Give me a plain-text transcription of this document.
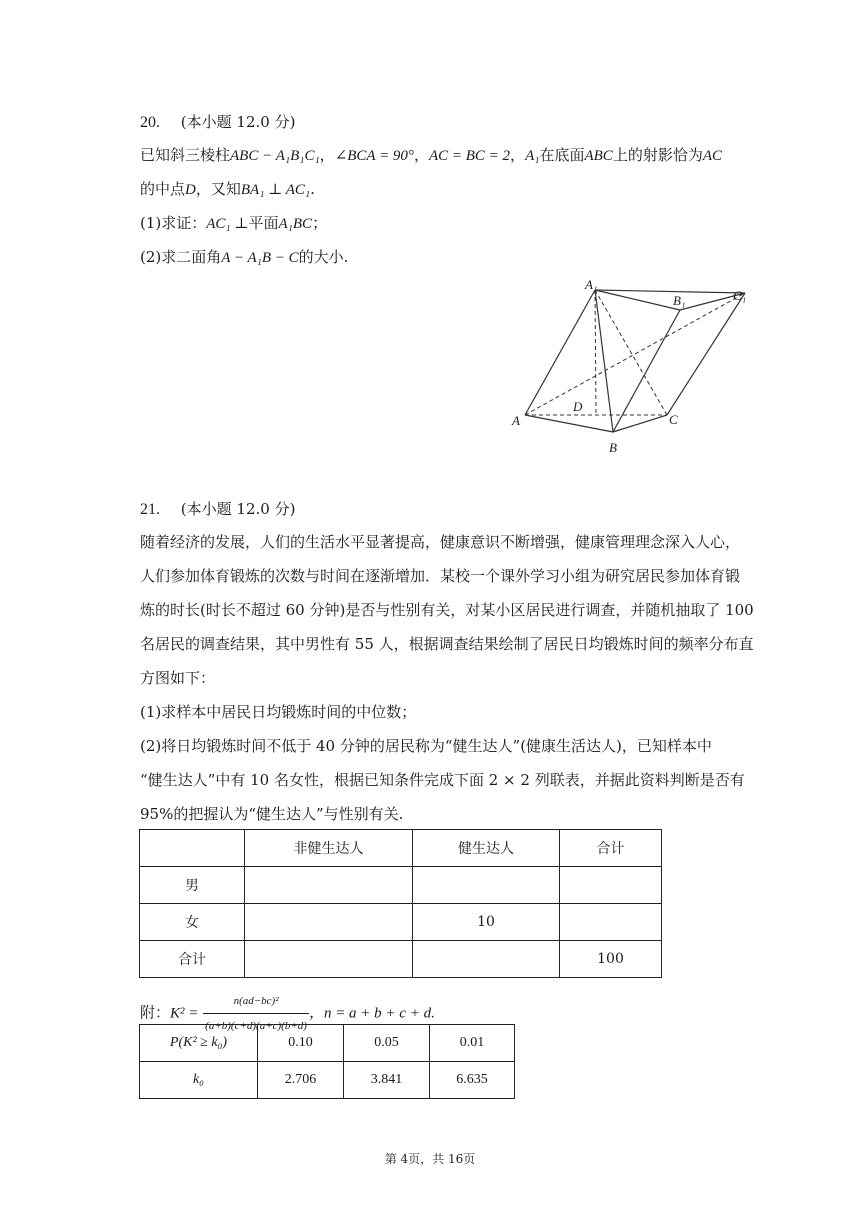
20. (本小题 12.0 分)
已知斜三棱柱ABC − A₁B₁C₁，∠BCA = 90°，AC = BC = 2，A₁在底面ABC上的射影恰为AC
的中点D，又知BA₁ ⊥ AC₁.
(1)求证：AC₁ ⊥平面A₁BC；
(2)求二面角A − A₁B − C的大小.
A₁
B₁	C₁
A
B
C
D
21. (本小题 12.0 分)
随着经济的发展，人们的生活水平显著提高，健康意识不断增强，健康管理理念深入人心，
人们参加体育锻炼的次数与时间在逐渐增加．某校一个课外学习小组为研究居民参加体育锻
炼的时长(时长不超过 60 分钟)是否与性别有关，对某小区居民进行调查，并随机抽取了 100
名居民的调查结果，其中男性有 55 人，根据调查结果绘制了居民日均锻炼时间的频率分布直
方图如下：
(1)求样本中居民日均锻炼时间的中位数；
(2)将日均锻炼时间不低于 40 分钟的居民称为“健生达人”(健康生活达人)，已知样本中
“健生达人”中有 10 名女性，根据已知条件完成下面 2 × 2 列联表，并据此资料判断是否有
95%的把握认为“健生达人”与性别有关.
	非健生达人	健生达人	合计
男			
女		10	
合计			100
附：$K^2 = \frac{\text{n(ad−bc)²}}{(a+b)(c+d)(a+c)(b+d)}$ ，n = a + b + c + d.
P(K² ≥ k₀)	0.10	0.05	0.01
k₀	2.706	3.841	6.635
第 4页，共 16页
